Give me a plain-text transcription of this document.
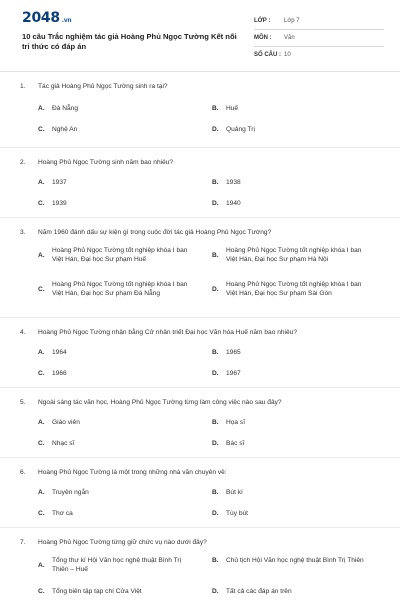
2048 .vn
10 câu Trắc nghiệm tác giả Hoàng Phủ Ngọc Tường Kết nối tri thức có đáp án
LỚP :	Lớp 7
MÔN :	Văn
SỐ CÂU : 10
1. Tác giả Hoàng Phủ Ngọc Tường sinh ra tại?
A.	Đà Nẵng	B.	Huế
C.	Nghệ An	D.	Quảng Trị
2. Hoàng Phủ Ngọc Tường sinh năm bao nhiêu?
A.	1937	B.	1938
C.	1939	D.	1940
3. Năm 1960 đánh dấu sự kiện gì trong cuộc đời tác giả Hoàng Phủ Ngọc Tường?
A.
Hoàng Phủ Ngọc Tường tốt nghiệp khóa I ban Việt Hán, Đại học Sư phạm Huế
B.
Hoàng Phủ Ngọc Tường tốt nghiệp khóa I ban Việt Hán, Đại học Sư phạm Hà Nội
C.
Hoàng Phủ Ngọc Tường tốt nghiệp khóa I ban Việt Hán, Đại học Sư phạm Đà Nẵng
D.
Hoàng Phủ Ngọc Tường tốt nghiệp khóa I ban Việt Hán, Đại học Sư phạm Sài Gòn
4. Hoàng Phủ Ngọc Tường nhận bằng Cử nhân triết Đại học Văn hóa Huế năm bao nhiêu?
A.	1964	B.	1965
C.	1966	D.	1967
5. Ngoài sáng tác văn học, Hoàng Phủ Ngọc Tường từng làm công việc nào sau đây?
A.	Giáo viên	B.	Họa sĩ
C.	Nhạc sĩ	D.	Bác sĩ
6. Hoàng Phủ Ngọc Tường là một trong những nhà văn chuyên về:
A.	Truyện ngắn	B.	Bút kí
C.	Thơ ca	D.	Tùy bút
7. Hoàng Phủ Ngọc Tường từng giữ chức vụ nào dưới đây?
A.
Tổng thư kí Hội Văn học nghệ thuật Bình Trị Thiên – Huế
B.	Chủ tịch Hội Văn học nghệ thuật Bình Trị Thiên
C.	Tổng biên tập tạp chí Cửa Việt	D.	Tất cả các đáp án trên
